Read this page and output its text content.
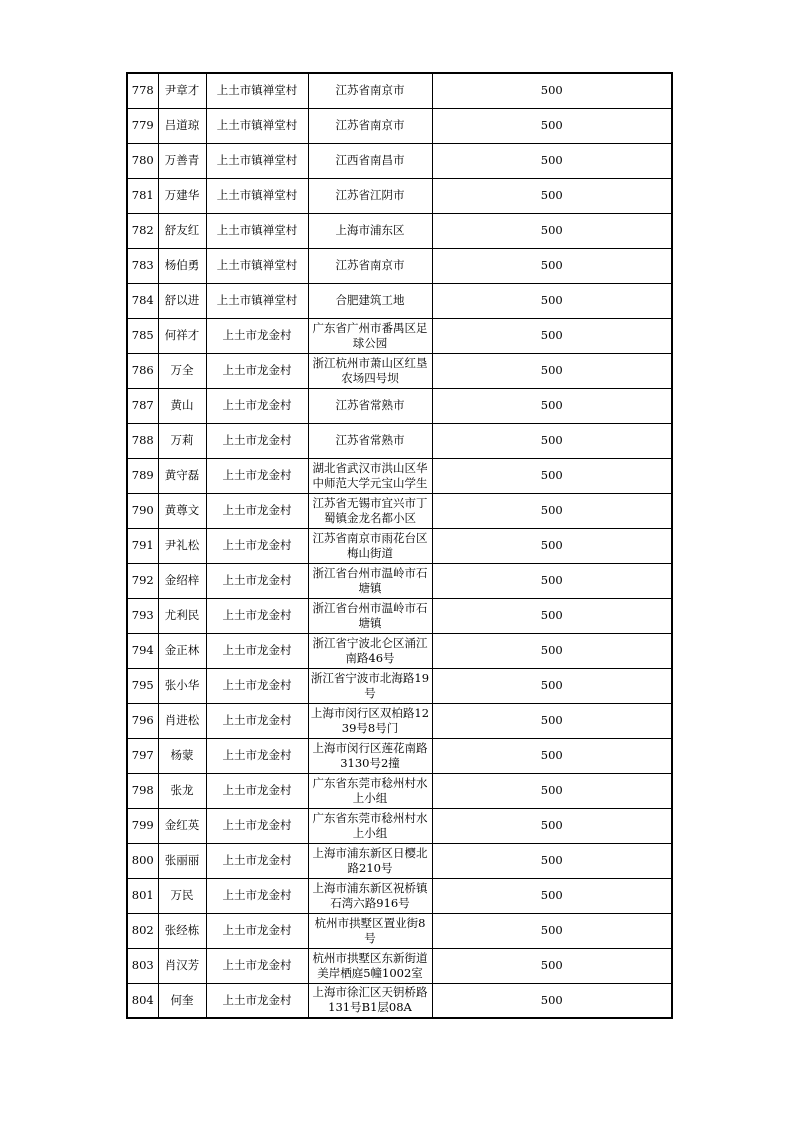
778	尹章才	上土市镇禅堂村	江苏省南京市	500
779	吕道琼	上土市镇禅堂村	江苏省南京市	500
780	万善青	上土市镇禅堂村	江西省南昌市	500
781	万建华	上土市镇禅堂村	江苏省江阴市	500
782	舒友红	上土市镇禅堂村	上海市浦东区	500
783	杨伯勇	上土市镇禅堂村	江苏省南京市	500
784	舒以进	上土市镇禅堂村	合肥建筑工地	500
785	何祥才	上土市龙金村	广东省广州市番禺区足球公园	500
786	万全	上土市龙金村	浙江杭州市萧山区红垦农场四号坝	500
787	黄山	上土市龙金村	江苏省常熟市	500
788	万莉	上土市龙金村	江苏省常熟市	500
789	黄守磊	上土市龙金村	湖北省武汉市洪山区华中师范大学元宝山学生	500
790	黄尊文	上土市龙金村	江苏省无锡市宜兴市丁蜀镇金龙名都小区	500
791	尹礼松	上土市龙金村	江苏省南京市雨花台区梅山街道	500
792	金绍梓	上土市龙金村	浙江省台州市温岭市石塘镇	500
793	尤利民	上土市龙金村	浙江省台州市温岭市石塘镇	500
794	金正林	上土市龙金村	浙江省宁波北仑区涌江南路46号	500
795	张小华	上土市龙金村	浙江省宁波市北海路19号	500
796	肖进松	上土市龙金村	上海市闵行区双柏路1239号8号门	500
797	杨蒙	上土市龙金村	上海市闵行区莲花南路3130号2撞	500
798	张龙	上土市龙金村	广东省东莞市稔州村水上小组	500
799	金红英	上土市龙金村	广东省东莞市稔州村水上小组	500
800	张丽丽	上土市龙金村	上海市浦东新区日樱北路210号	500
801	万民	上土市龙金村	上海市浦东新区祝桥镇石湾六路916号	500
802	张经栋	上土市龙金村	杭州市拱墅区置业街8号	500
803	肖汉芳	上土市龙金村	杭州市拱墅区东新街道美岸栖庭5幢1002室	500
804	何奎	上土市龙金村	上海市徐汇区天钥桥路131号B1层08A	500
